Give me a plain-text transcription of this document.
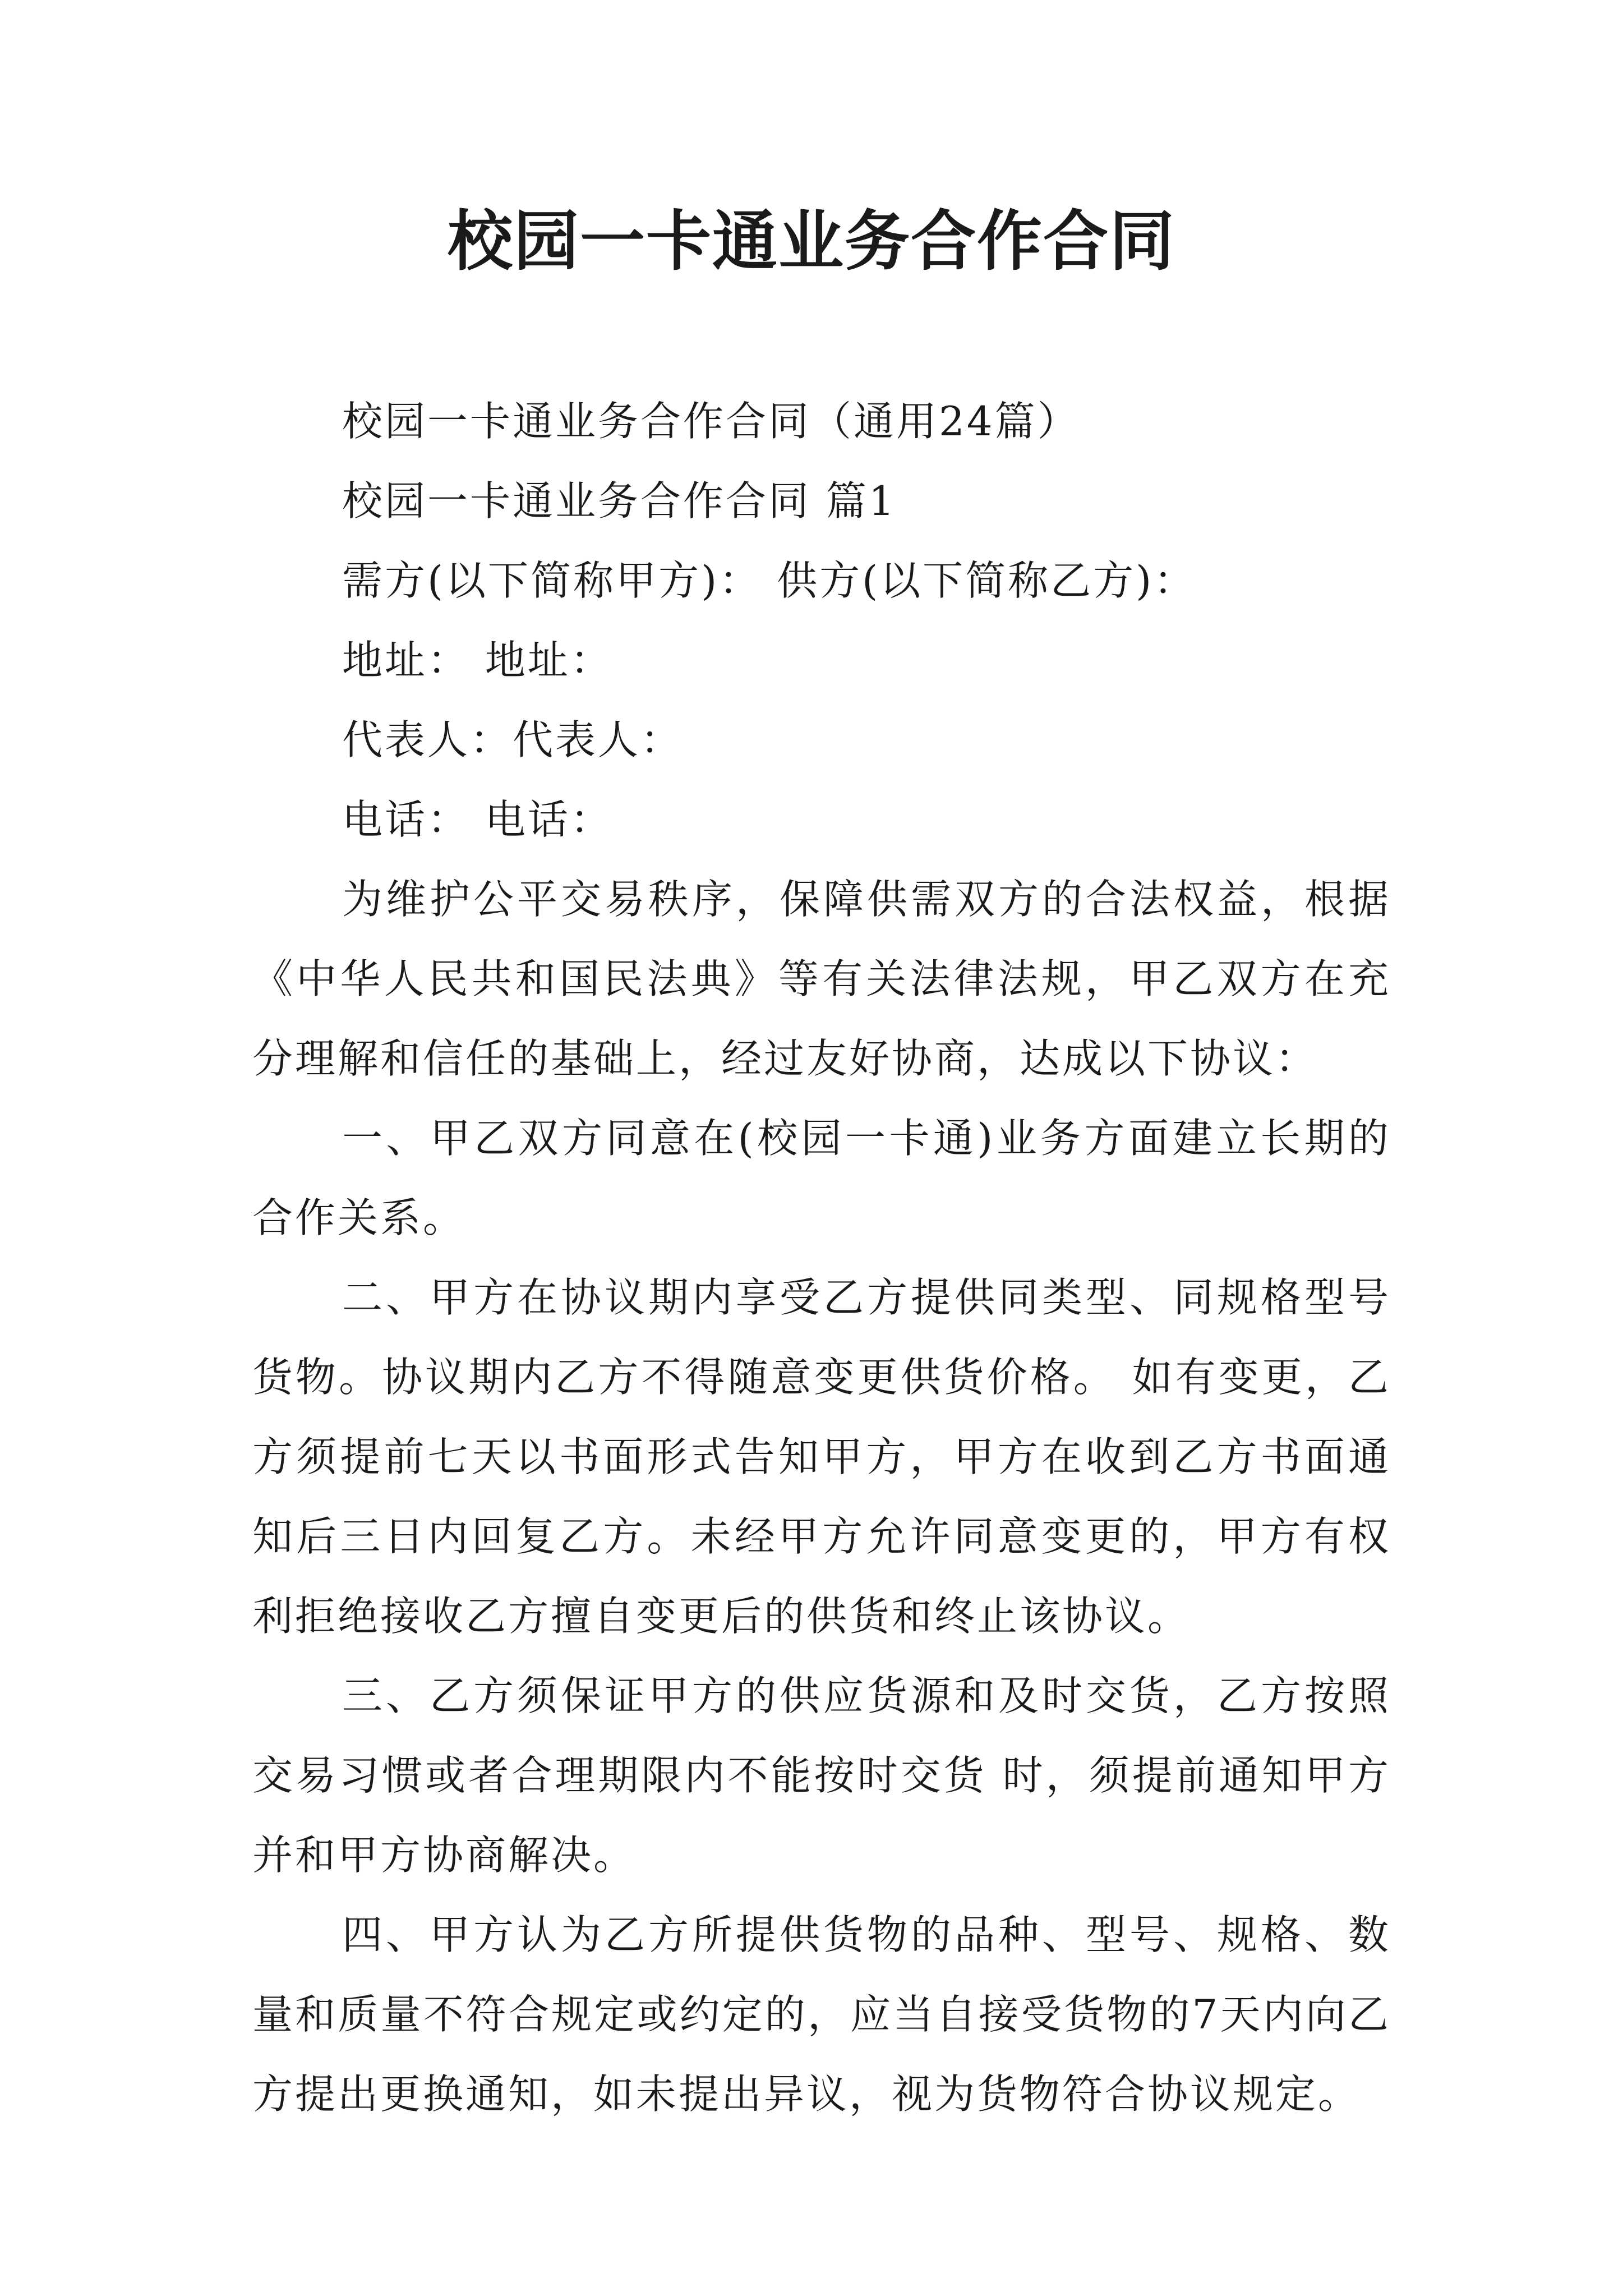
校园一卡通业务合作合同

校园一卡通业务合作合同（通用24篇）

校园一卡通业务合作合同 篇1

需方(以下简称甲方)： 供方(以下简称乙方)：

地址： 地址：

代表人：代表人：

电话： 电话：

为维护公平交易秩序，保障供需双方的合法权益，根据《中华人民共和国民法典》等有关法律法规，甲乙双方在充分理解和信任的基础上，经过友好协商，达成以下协议：

一、甲乙双方同意在(校园一卡通)业务方面建立长期的合作关系。

二、甲方在协议期内享受乙方提供同类型、同规格型号货物。协议期内乙方不得随意变更供货价格。 如有变更，乙方须提前七天以书面形式告知甲方，甲方在收到乙方书面通知后三日内回复乙方。未经甲方允许同意变更的，甲方有权利拒绝接收乙方擅自变更后的供货和终止该协议。

三、乙方须保证甲方的供应货源和及时交货，乙方按照交易习惯或者合理期限内不能按时交货 时，须提前通知甲方并和甲方协商解决。

四、甲方认为乙方所提供货物的品种、型号、规格、数量和质量不符合规定或约定的，应当自接受货物的7天内向乙方提出更换通知，如未提出异议，视为货物符合协议规定。
